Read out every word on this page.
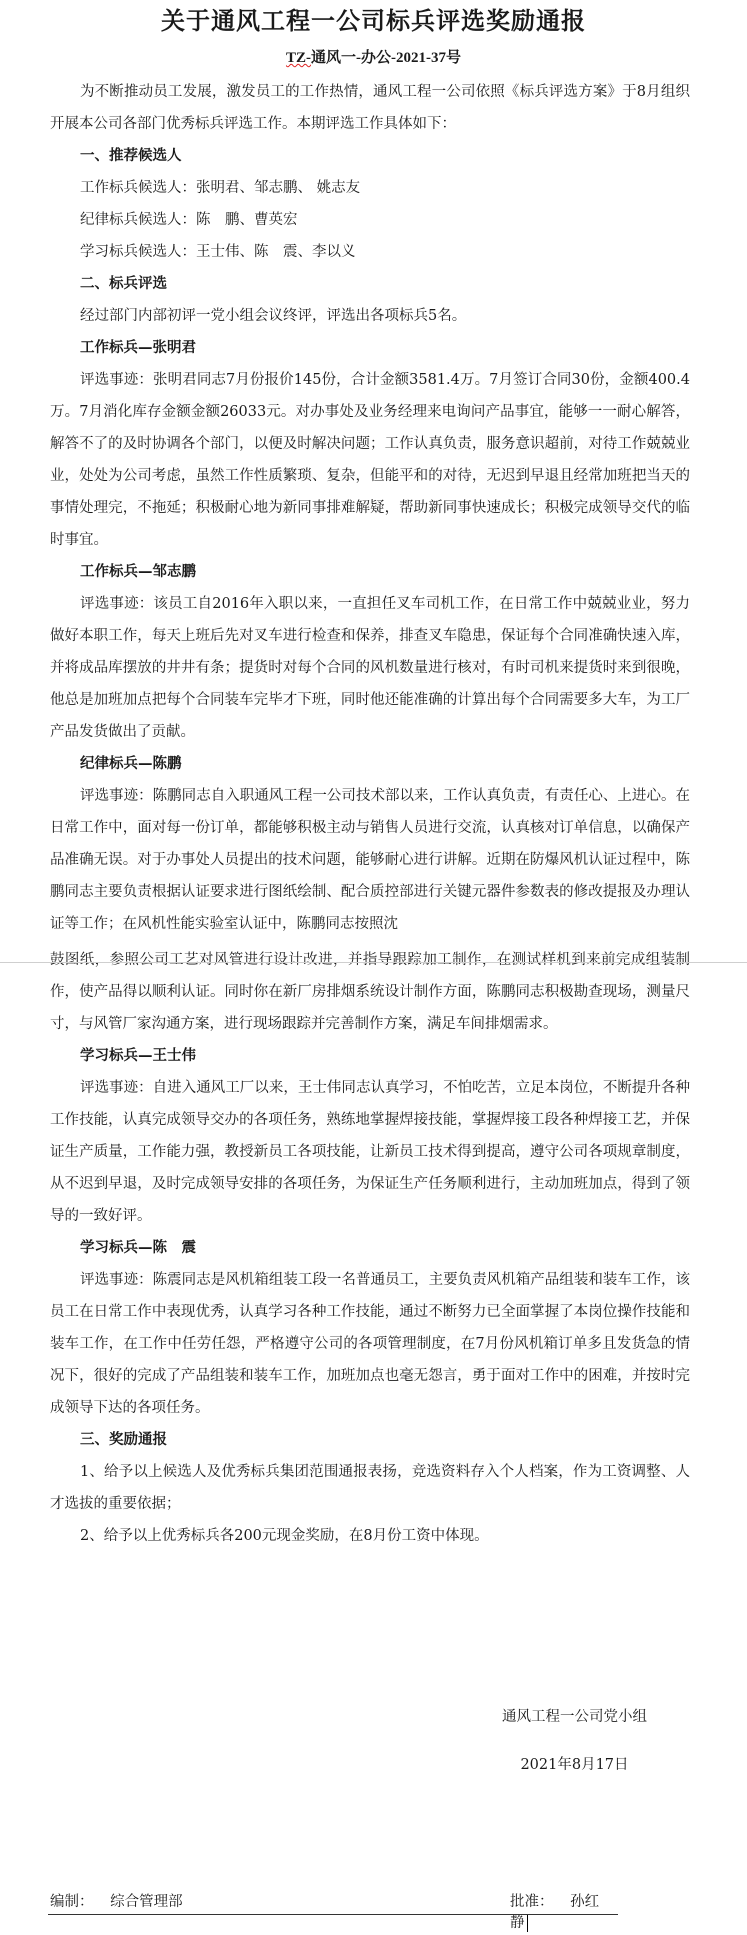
关于通风工程一公司标兵评选奖励通报
TZ-通风一-办公-2021-37号

为不断推动员工发展，激发员工的工作热情，通风工程一公司依照《标兵评选方案》于8月组织开展本公司各部门优秀标兵评选工作。本期评选工作具体如下：

一、推荐候选人

工作标兵候选人：张明君、邹志鹏、 姚志友

纪律标兵候选人：陈　鹏、曹英宏

学习标兵候选人：王士伟、陈　震、李以义

二、标兵评选

经过部门内部初评一党小组会议终评，评选出各项标兵5名。

工作标兵—张明君

评选事迹：张明君同志7月份报价145份，合计金额3581.4万。7月签订合同30份，金额400.4万。7月消化库存金额金额26033元。对办事处及业务经理来电询问产品事宜，能够一一耐心解答，解答不了的及时协调各个部门，以便及时解决问题；工作认真负责，服务意识超前，对待工作兢兢业业，处处为公司考虑，虽然工作性质繁琐、复杂，但能平和的对待，无迟到早退且经常加班把当天的事情处理完，不拖延；积极耐心地为新同事排难解疑，帮助新同事快速成长；积极完成领导交代的临时事宜。

工作标兵—邹志鹏

评选事迹：该员工自2016年入职以来，一直担任叉车司机工作，在日常工作中兢兢业业，努力做好本职工作，每天上班后先对叉车进行检查和保养，排查叉车隐患，保证每个合同准确快速入库，并将成品库摆放的井井有条；提货时对每个合同的风机数量进行核对，有时司机来提货时来到很晚，他总是加班加点把每个合同装车完毕才下班，同时他还能准确的计算出每个合同需要多大车，为工厂产品发货做出了贡献。

纪律标兵—陈鹏

评选事迹：陈鹏同志自入职通风工程一公司技术部以来，工作认真负责，有责任心、上进心。在日常工作中，面对每一份订单，都能够积极主动与销售人员进行交流，认真核对订单信息，以确保产品准确无误。对于办事处人员提出的技术问题，能够耐心进行讲解。近期在防爆风机认证过程中，陈鹏同志主要负责根据认证要求进行图纸绘制、配合质控部进行关键元器件参数表的修改提报及办理认证等工作；在风机性能实验室认证中，陈鹏同志按照沈

鼓图纸，参照公司工艺对风管进行设计改进，并指导跟踪加工制作，在测试样机到来前完成组装制作，使产品得以顺利认证。同时你在新厂房排烟系统设计制作方面，陈鹏同志积极勘查现场，测量尺寸，与风管厂家沟通方案，进行现场跟踪并完善制作方案，满足车间排烟需求。

学习标兵—王士伟

评选事迹：自进入通风工厂以来，王士伟同志认真学习，不怕吃苦，立足本岗位，不断提升各种工作技能，认真完成领导交办的各项任务，熟练地掌握焊接技能，掌握焊接工段各种焊接工艺，并保证生产质量，工作能力强，教授新员工各项技能，让新员工技术得到提高，遵守公司各项规章制度，从不迟到早退，及时完成领导安排的各项任务，为保证生产任务顺利进行，主动加班加点，得到了领导的一致好评。

学习标兵—陈　震

评选事迹：陈震同志是风机箱组装工段一名普通员工，主要负责风机箱产品组装和装车工作，该员工在日常工作中表现优秀，认真学习各种工作技能，通过不断努力已全面掌握了本岗位操作技能和装车工作，在工作中任劳任怨，严格遵守公司的各项管理制度，在7月份风机箱订单多且发货急的情况下，很好的完成了产品组装和装车工作，加班加点也毫无怨言，勇于面对工作中的困难，并按时完成领导下达的各项任务。

三、奖励通报

1、给予以上候选人及优秀标兵集团范围通报表扬，竞选资料存入个人档案，作为工资调整、人才选拔的重要依据；

2、给予以上优秀标兵各200元现金奖励，在8月份工资中体现。

通风工程一公司党小组
2021年8月17日
编制： 综合管理部	批准： 孙红静
